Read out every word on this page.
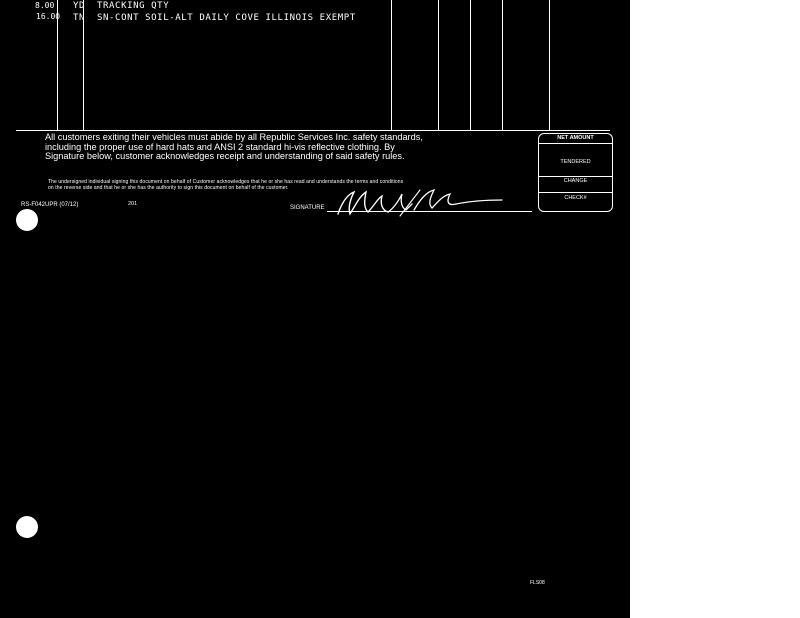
8.00 YD TRACKING QTY
16.00 TN SN-CONT SOIL-ALT DAILY COVE ILLINOIS EXEMPT
All customers exiting their vehicles must abide by all Republic Services Inc. safety standards,
including the proper use of hard hats and ANSI 2 standard hi-vis reflective clothing. By
Signature below, customer acknowledges receipt and understanding of said safety rules.
The undersigned individual signing this document on behalf of Customer acknowledges that he or she has read and understands the terms and conditions
on the reverse side and that he or she has the authority to sign this document on behalf of the customer.
RS-F042UPR (07/12)	201
SIGNATURE
NET AMOUNT
TENDERED
CHANGE
CHECK#
FLS08
